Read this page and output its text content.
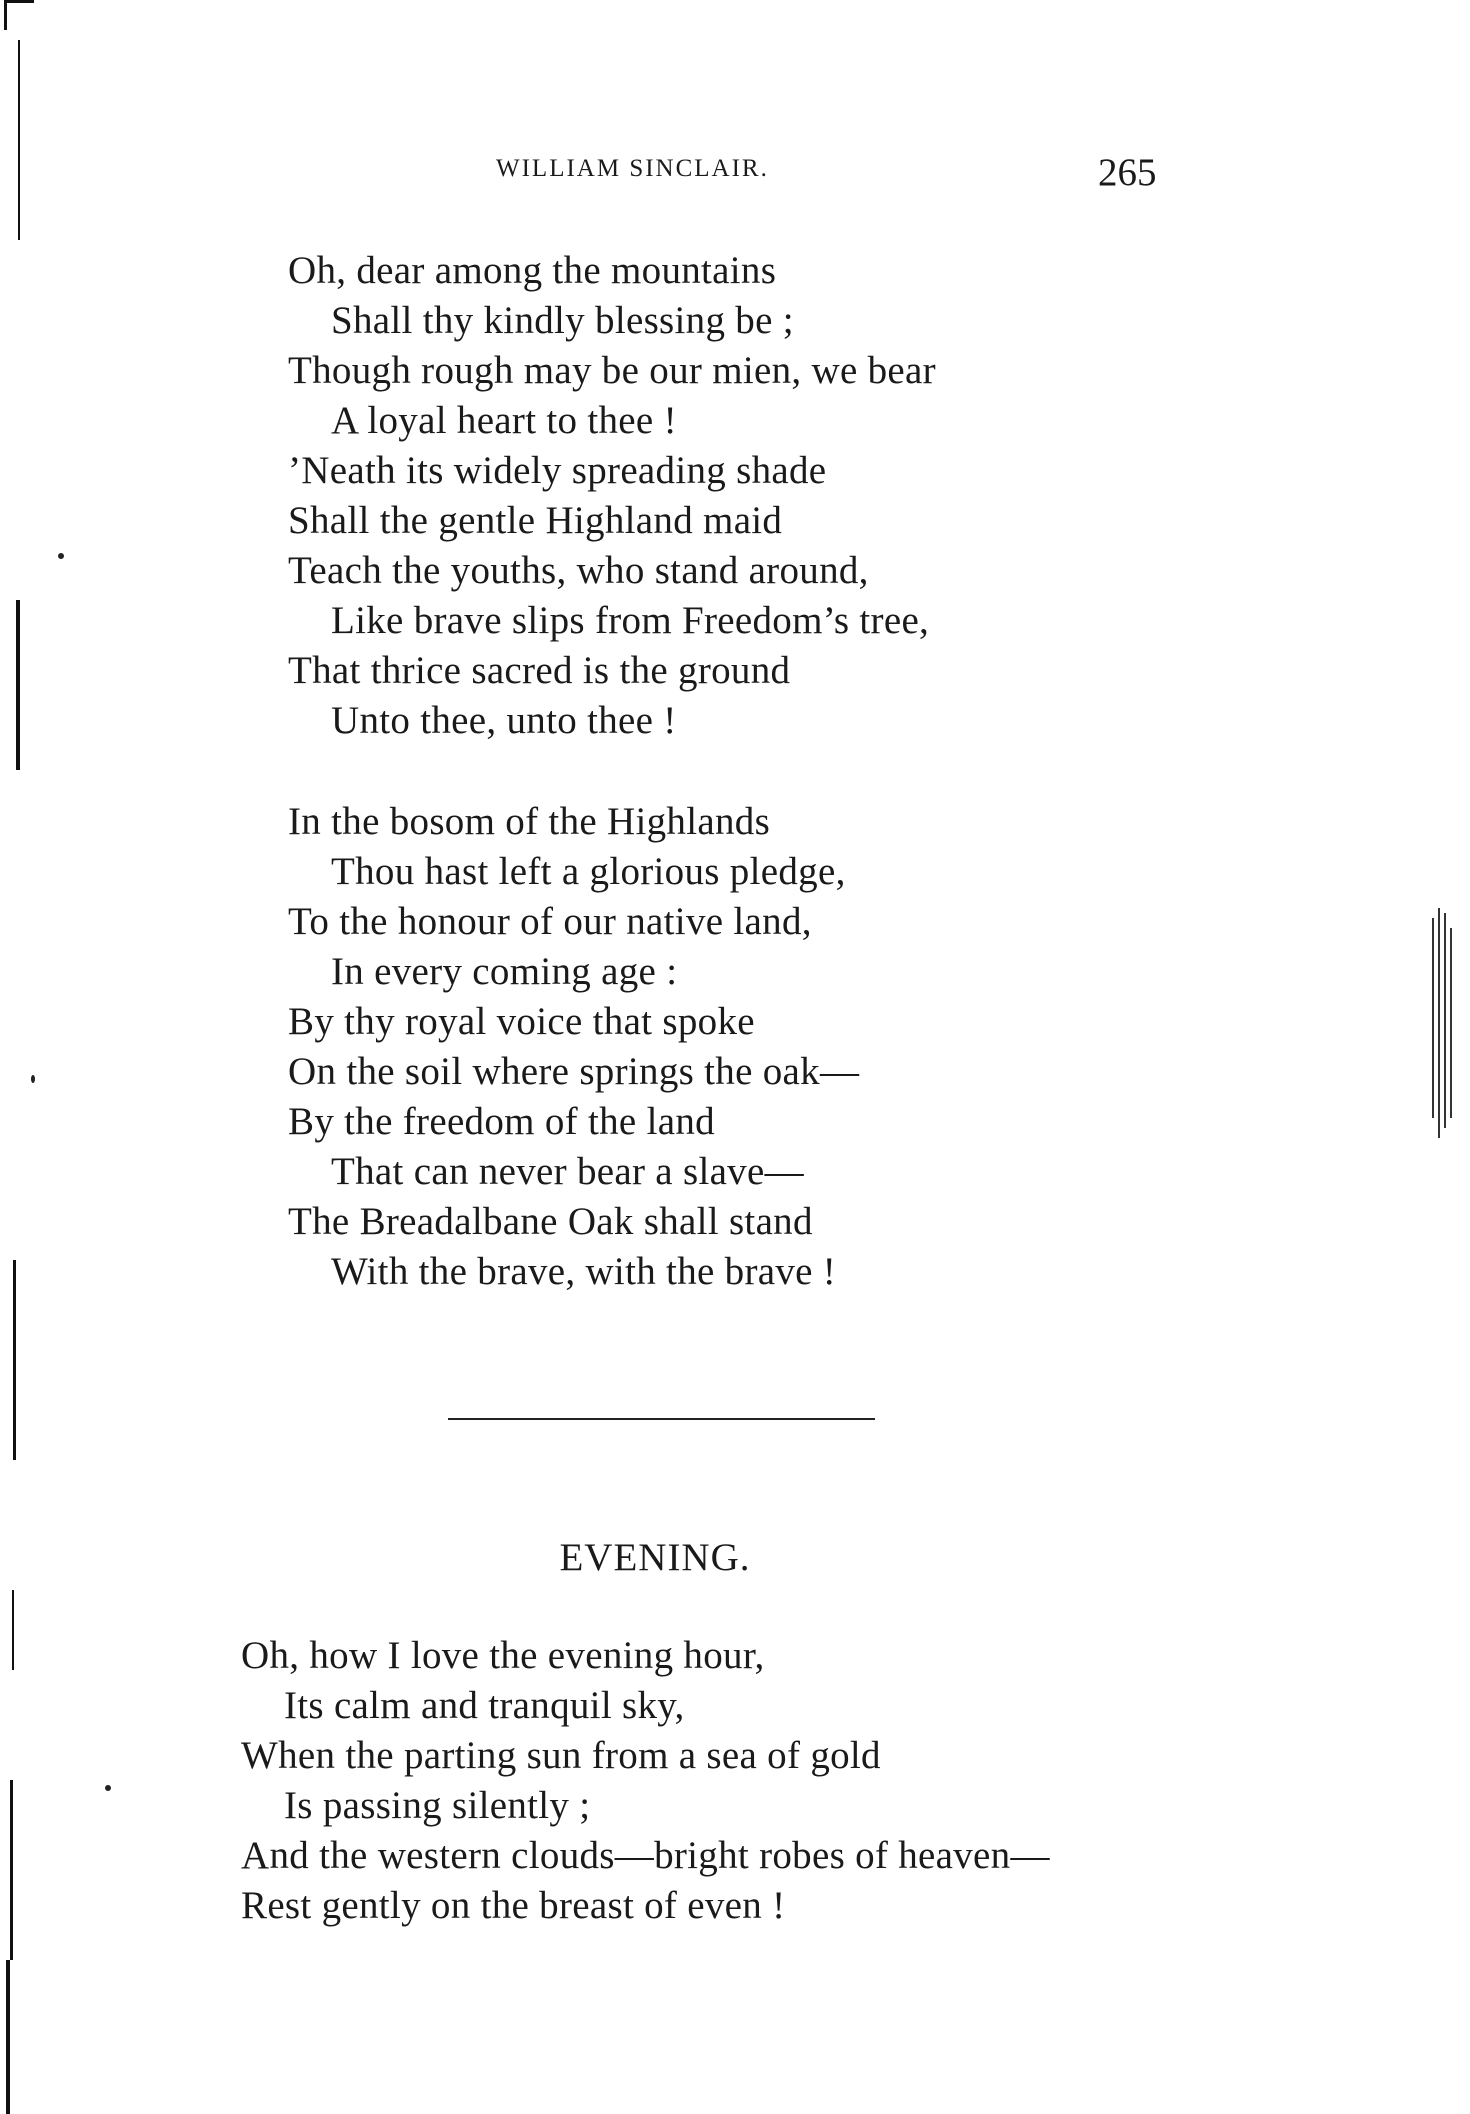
WILLIAM SINCLAIR.	265
Oh, dear among the mountains
Shall thy kindly blessing be ;
Though rough may be our mien, we bear
A loyal heart to thee !
’Neath its widely spreading shade
Shall the gentle Highland maid
Teach the youths, who stand around,
Like brave slips from Freedom’s tree,
That thrice sacred is the ground
Unto thee, unto thee !
In the bosom of the Highlands
Thou hast left a glorious pledge,
To the honour of our native land,
In every coming age :
By thy royal voice that spoke
On the soil where springs the oak—
By the freedom of the land
That can never bear a slave—
The Breadalbane Oak shall stand
With the brave, with the brave !
EVENING.
Oh, how I love the evening hour,
Its calm and tranquil sky,
When the parting sun from a sea of gold
Is passing silently ;
And the western clouds—bright robes of heaven—
Rest gently on the breast of even !
